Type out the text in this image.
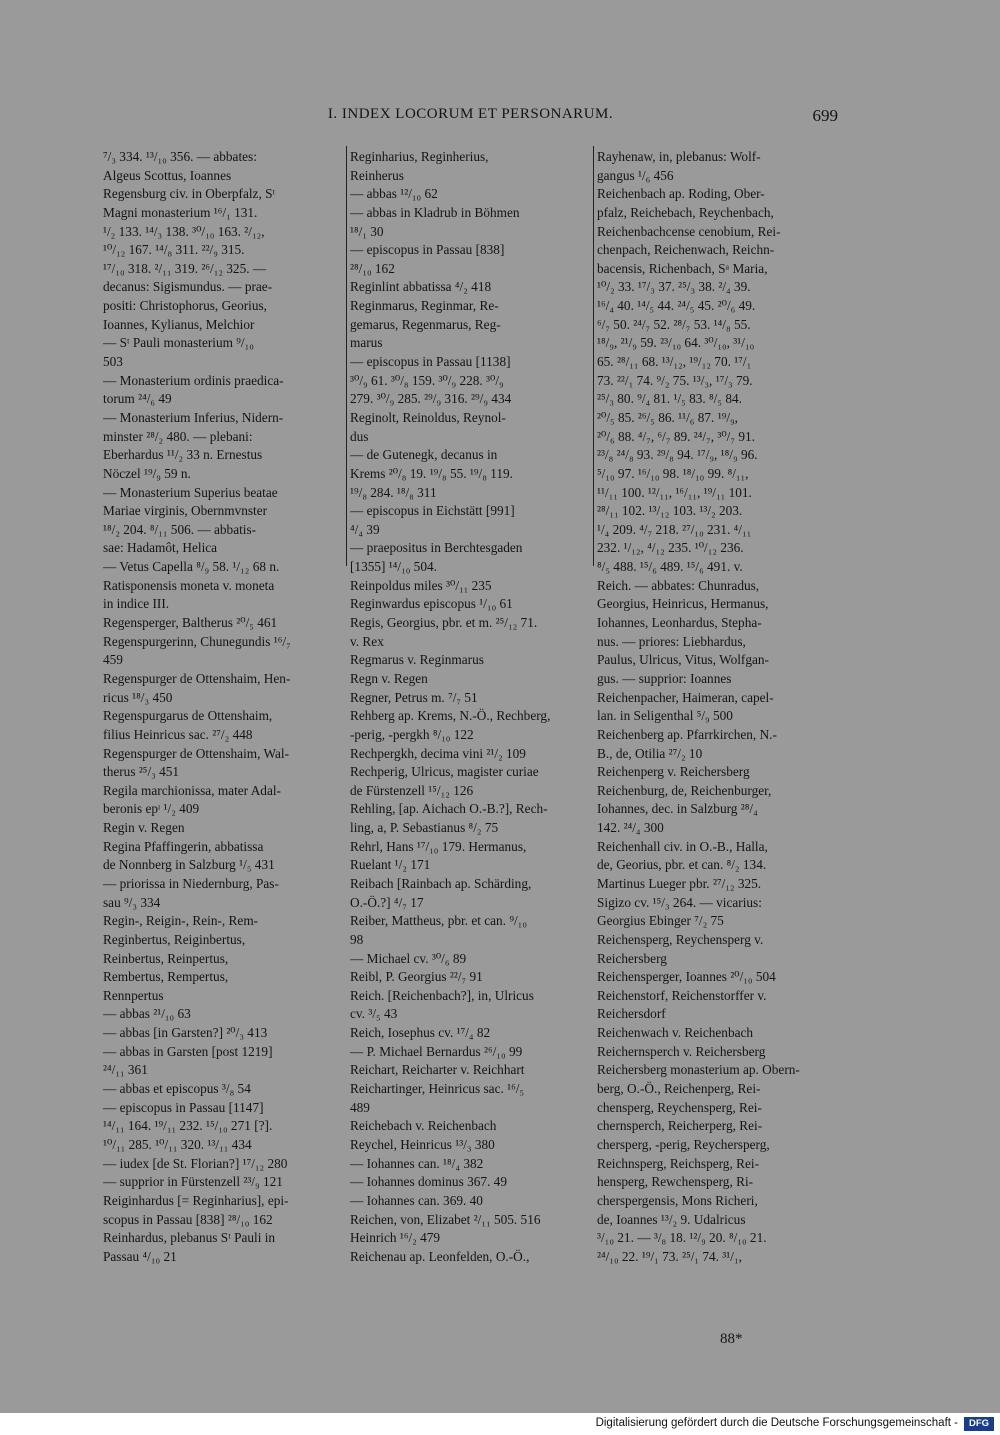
I. INDEX LOCORUM ET PERSONARUM.	699
⁷/₃ 334. ¹³/₁₀ 356. — abbates:
Algeus Scottus, Ioannes
Regensburg civ. in Oberpfalz, Sᵗ
Magni monasterium ¹⁶/₁ 131.
¹/₂ 133. ¹⁴/₃ 138. ³⁰/₁₀ 163. ²/₁₂,
¹⁰/₁₂ 167. ¹⁴/₈ 311. ²²/₉ 315.
¹⁷/₁₀ 318. ²/₁₁ 319. ²⁶/₁₂ 325. —
decanus: Sigismundus. — prae-
positi: Christophorus, Georius,
Ioannes, Kylianus, Melchior
— Sᵗ Pauli monasterium ⁹/₁₀
503
— Monasterium ordinis praedica-
torum ²⁴/₆ 49
— Monasterium Inferius, Nidern-
minster ²⁸/₂ 480. — plebani:
Eberhardus ¹¹/₂ 33 n. Ernestus
Nöczel ¹⁹/₉ 59 n.
— Monasterium Superius beatae
Mariae virginis, Obernmvnster
¹⁸/₂ 204. ⁸/₁₁ 506. — abbatis-
sae: Hadamôt, Helica
— Vetus Capella ⁸/₉ 58. ¹/₁₂ 68 n.
Ratisponensis moneta v. moneta
in indice III.
Regensperger, Baltherus ²⁰/₅ 461
Regenspurgerinn, Chunegundis ¹⁶/₇
459
Regenspurger de Ottenshaim, Hen-
ricus ¹⁸/₃ 450
Regenspurgarus de Ottenshaim,
filius Heinricus sac. ²⁷/₂ 448
Regenspurger de Ottenshaim, Wal-
therus ²⁵/₃ 451
Regila marchionissa, mater Adal-
beronis epᶦ ¹/₂ 409
Regin v. Regen
Regina Pfaffingerin, abbatissa
de Nonnberg in Salzburg ¹/₅ 431
— priorissa in Niedernburg, Pas-
sau ⁹/₃ 334
Regin-, Reigin-, Rein-, Rem-
Reginbertus, Reiginbertus,
Reinbertus, Reinpertus,
Rembertus, Rempertus,
Rennpertus
— abbas ²¹/₁₀ 63
— abbas [in Garsten?] ²⁰/₃ 413
— abbas in Garsten [post 1219]
²⁴/₁₁ 361
— abbas et episcopus ³/₈ 54
— episcopus in Passau [1147]
¹⁴/₁₁ 164. ¹⁹/₁₁ 232. ¹⁵/₁₀ 271 [?].
¹⁰/₁₁ 285. ¹⁰/₁₁ 320. ¹³/₁₁ 434
— iudex [de St. Florian?] ¹⁷/₁₂ 280
— supprior in Fürstenzell ²³/₉ 121
Reiginhardus [= Reginharius], epi-
scopus in Passau [838] ²⁸/₁₀ 162
Reinhardus, plebanus Sᵗ Pauli in
Passau ⁴/₁₀ 21
Reginharius, Reginherius,
Reinherus
— abbas ¹²/₁₀ 62
— abbas in Kladrub in Böhmen
¹⁸/₁ 30
— episcopus in Passau [838]
²⁸/₁₀ 162
Reginlint abbatissa ⁴/₂ 418
Reginmarus, Reginmar, Re-
gemarus, Regenmarus, Reg-
marus
— episcopus in Passau [1138]
³⁰/₉ 61. ³⁰/₈ 159. ³⁰/₉ 228. ³⁰/₉
279. ³⁰/₉ 285. ²⁹/₉ 316. ²⁹/₉ 434
Reginolt, Reinoldus, Reynol-
dus
— de Gutenegk, decanus in
Krems ²⁰/₈ 19. ¹⁹/₈ 55. ¹⁹/₈ 119.
¹⁹/₈ 284. ¹⁸/₈ 311
— episcopus in Eichstätt [991]
⁴/₄ 39
— praepositus in Berchtesgaden
[1355] ¹⁴/₁₀ 504.
Reinpoldus miles ³⁰/₁₁ 235
Reginwardus episcopus ¹/₁₀ 61
Regis, Georgius, pbr. et m. ²⁵/₁₂ 71.
v. Rex
Regmarus v. Reginmarus
Regn v. Regen
Regner, Petrus m. ⁷/₇ 51
Rehberg ap. Krems, N.-Ö., Rechberg,
-perig, -pergkh ⁸/₁₀ 122
Rechpergkh, decima vini ²¹/₂ 109
Rechperig, Ulricus, magister curiae
de Fürstenzell ¹⁵/₁₂ 126
Rehling, [ap. Aichach O.-B.?], Rech-
ling, a, P. Sebastianus ⁸/₂ 75
Rehrl, Hans ¹⁷/₁₀ 179. Hermanus,
Ruelant ¹/₂ 171
Reibach [Rainbach ap. Schärding,
O.-Ö.?] ⁴/₇ 17
Reiber, Mattheus, pbr. et can. ⁹/₁₀
98
— Michael cv. ³⁰/₆ 89
Reibl, P. Georgius ²²/₇ 91
Reich. [Reichenbach?], in, Ulricus
cv. ³/₅ 43
Reich, Iosephus cv. ¹⁷/₄ 82
— P. Michael Bernardus ²⁶/₁₀ 99
Reichart, Reicharter v. Reichhart
Reichartinger, Heinricus sac. ¹⁶/₅
489
Reichebach v. Reichenbach
Reychel, Heinricus ¹³/₃ 380
— Iohannes can. ¹⁸/₄ 382
— Iohannes dominus 367. 49
— Iohannes can. 369. 40
Reichen, von, Elizabet ²/₁₁ 505. 516
Heinrich ¹⁶/₂ 479
Reichenau ap. Leonfelden, O.-Ö.,
Rayhenaw, in, plebanus: Wolf-
gangus ¹/₆ 456
Reichenbach ap. Roding, Ober-
pfalz, Reichebach, Reychenbach,
Reichenbachcense cenobium, Rei-
chenpach, Reichenwach, Reichn-
bacensis, Richenbach, Sᵃ Maria,
¹⁰/₂ 33. ¹⁷/₃ 37. ²⁵/₃ 38. ²/₄ 39.
¹⁶/₄ 40. ¹⁴/₅ 44. ²⁴/₅ 45. ²⁰/₆ 49.
⁶/₇ 50. ²⁴/₇ 52. ²⁸/₇ 53. ¹⁴/₈ 55.
¹⁸/₉, ²¹/₉ 59. ²³/₁₀ 64. ³⁰/₁₀, ³¹/₁₀
65. ²⁸/₁₁ 68. ¹³/₁₂, ¹⁹/₁₂ 70. ¹⁷/₁
73. ²²/₁ 74. ⁹/₂ 75. ¹³/₃, ¹⁷/₃ 79.
²⁵/₃ 80. ⁹/₄ 81. ¹/₅ 83. ⁸/₅ 84.
²⁰/₅ 85. ²⁶/₅ 86. ¹¹/₆ 87. ¹⁹/₉,
²⁰/₆ 88. ⁴/₇, ⁶/₇ 89. ²⁴/₇, ³⁰/₇ 91.
²³/₈ ²⁴/₈ 93. ²⁹/₈ 94. ¹⁷/₉, ¹⁸/₉ 96.
⁵/₁₀ 97. ¹⁶/₁₀ 98. ¹⁸/₁₀ 99. ⁸/₁₁,
¹¹/₁₁ 100. ¹²/₁₁, ¹⁶/₁₁, ¹⁹/₁₁ 101.
²⁸/₁₁ 102. ¹³/₁₂ 103. ¹³/₂ 203.
¹/₄ 209. ⁴/₇ 218. ²⁷/₁₀ 231. ⁴/₁₁
232. ¹/₁₂, ⁴/₁₂ 235. ¹⁰/₁₂ 236.
⁸/₅ 488. ¹⁵/₆ 489. ¹⁵/₆ 491. v.
Reich. — abbates: Chunradus,
Georgius, Heinricus, Hermanus,
Iohannes, Leonhardus, Stepha-
nus. — priores: Liebhardus,
Paulus, Ulricus, Vitus, Wolfgan-
gus. — supprior: Ioannes
Reichenpacher, Haimeran, capel-
lan. in Seligenthal ⁵/₉ 500
Reichenberg ap. Pfarrkirchen, N.-
B., de, Otilia ²⁷/₂ 10
Reichenperg v. Reichersberg
Reichenburg, de, Reichenburger,
Iohannes, dec. in Salzburg ²⁸/₄
142. ²⁴/₄ 300
Reichenhall civ. in O.-B., Halla,
de, Georius, pbr. et can. ⁸/₂ 134.
Martinus Lueger pbr. ²⁷/₁₂ 325.
Sigizo cv. ¹⁵/₃ 264. — vicarius:
Georgius Ebinger ⁷/₂ 75
Reichensperg, Reychensperg v.
Reichersberg
Reichensperger, Ioannes ²⁰/₁₀ 504
Reichenstorf, Reichenstorffer v.
Reichersdorf
Reichenwach v. Reichenbach
Reichernsperch v. Reichersberg
Reichersberg monasterium ap. Obern-
berg, O.-Ö., Reichenperg, Rei-
chensperg, Reychensperg, Rei-
chernsperch, Reicherperg, Rei-
chersperg, -perig, Reychersperg,
Reichnsperg, Reichsperg, Rei-
hensperg, Rewchensperg, Ri-
cherspergensis, Mons Richeri,
de, Ioannes ¹³/₂ 9. Udalricus
³/₁₀ 21. — ³/₈ 18. ¹²/₉ 20. ⁸/₁₀ 21.
²⁴/₁₀ 22. ¹⁹/₁ 73. ²⁵/₁ 74. ³¹/₁,
88*
Digitalisierung gefördert durch die Deutsche Forschungsgemeinschaft -	DFG
